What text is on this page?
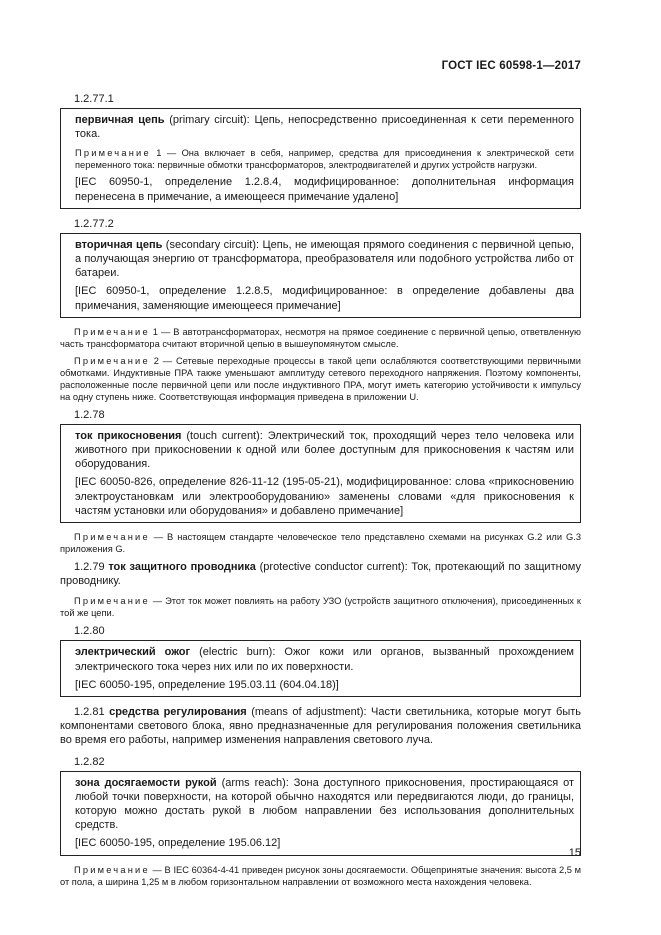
ГОСТ IEC 60598-1—2017
1.2.77.1

первичная цепь (primary circuit): Цепь, непосредственно присоединенная к сети переменного тока.

Примечание 1 — Она включает в себя, например, средства для присоединения к электрической сети переменного тока: первичные обмотки трансформаторов, электродвигателей и других устройств нагрузки.

[IEC 60950-1, определение 1.2.8.4, модифицированное: дополнительная информация перенесена в примечание, а имеющееся примечание удалено]

1.2.77.2

вторичная цепь (secondary circuit): Цепь, не имеющая прямого соединения с первичной цепью, а получающая энергию от трансформатора, преобразователя или подобного устройства либо от батареи.

[IEC 60950-1, определение 1.2.8.5, модифицированное: в определение добавлены два примечания, заменяющие имеющееся примечание]

Примечание 1 — В автотрансформаторах, несмотря на прямое соединение с первичной цепью, ответвленную часть трансформатора считают вторичной цепью в вышеупомянутом смысле.

Примечание 2 — Сетевые переходные процессы в такой цепи ослабляются соответствующими первичными обмотками. Индуктивные ПРА также уменьшают амплитуду сетевого переходного напряжения. Поэтому компоненты, расположенные после первичной цепи или после индуктивного ПРА, могут иметь категорию устойчивости к импульсу на одну ступень ниже. Соответствующая информация приведена в приложении U.

1.2.78

ток прикосновения (touch current): Электрический ток, проходящий через тело человека или животного при прикосновении к одной или более доступным для прикосновения к частям или оборудования.

[IEC 60050-826, определение 826-11-12 (195-05-21), модифицированное: слова «прикосновению электроустановкам или электрооборудованию» заменены словами «для прикосновения к частям установки или оборудования» и добавлено примечание]

Примечание — В настоящем стандарте человеческое тело представлено схемами на рисунках G.2 или G.3 приложения G.

1.2.79 ток защитного проводника (protective conductor current): Ток, протекающий по защитному проводнику.

Примечание — Этот ток может повлиять на работу УЗО (устройств защитного отключения), присоединенных к той же цепи.

1.2.80

электрический ожог (electric burn): Ожог кожи или органов, вызванный прохождением электрического тока через них или по их поверхности.

[IEC 60050-195, определение 195.03.11 (604.04.18)]

1.2.81 средства регулирования (means of adjustment): Части светильника, которые могут быть компонентами светового блока, явно предназначенные для регулирования положения светильника во время его работы, например изменения направления светового луча.

1.2.82

зона досягаемости рукой (arms reach): Зона доступного прикосновения, простирающаяся от любой точки поверхности, на которой обычно находятся или передвигаются люди, до границы, которую можно достать рукой в любом направлении без использования дополнительных средств.

[IEC 60050-195, определение 195.06.12]

Примечание — В IEC 60364-4-41 приведен рисунок зоны досягаемости. Общепринятые значения: высота 2,5 м от пола, а ширина 1,25 м в любом горизонтальном направлении от возможного места нахождения человека.

15
